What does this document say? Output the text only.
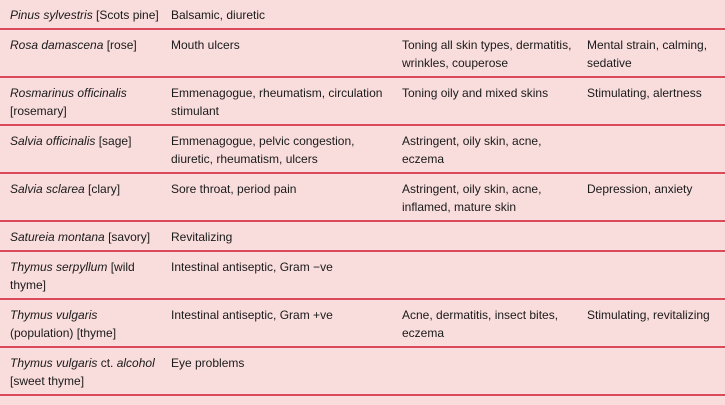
Pinus sylvestris [Scots pine]	Balsamic, diuretic		
Rosa damascena [rose]	Mouth ulcers	Toning all skin types, dermatitis, wrinkles, couperose	Mental strain, calming, sedative
Rosmarinus officinalis [rosemary]	Emmenagogue, rheumatism, circulation stimulant	Toning oily and mixed skins	Stimulating, alertness
Salvia officinalis [sage]	Emmenagogue, pelvic congestion, diuretic, rheumatism, ulcers	Astringent, oily skin, acne, eczema	
Salvia sclarea [clary]	Sore throat, period pain	Astringent, oily skin, acne, inflamed, mature skin	Depression, anxiety
Satureia montana [savory]	Revitalizing		
Thymus serpyllum [wild thyme]	Intestinal antiseptic, Gram −ve		
Thymus vulgaris (population) [thyme]	Intestinal antiseptic, Gram +ve	Acne, dermatitis, insect bites, eczema	Stimulating, revitalizing
Thymus vulgaris ct. alcohol [sweet thyme]	Eye problems		
